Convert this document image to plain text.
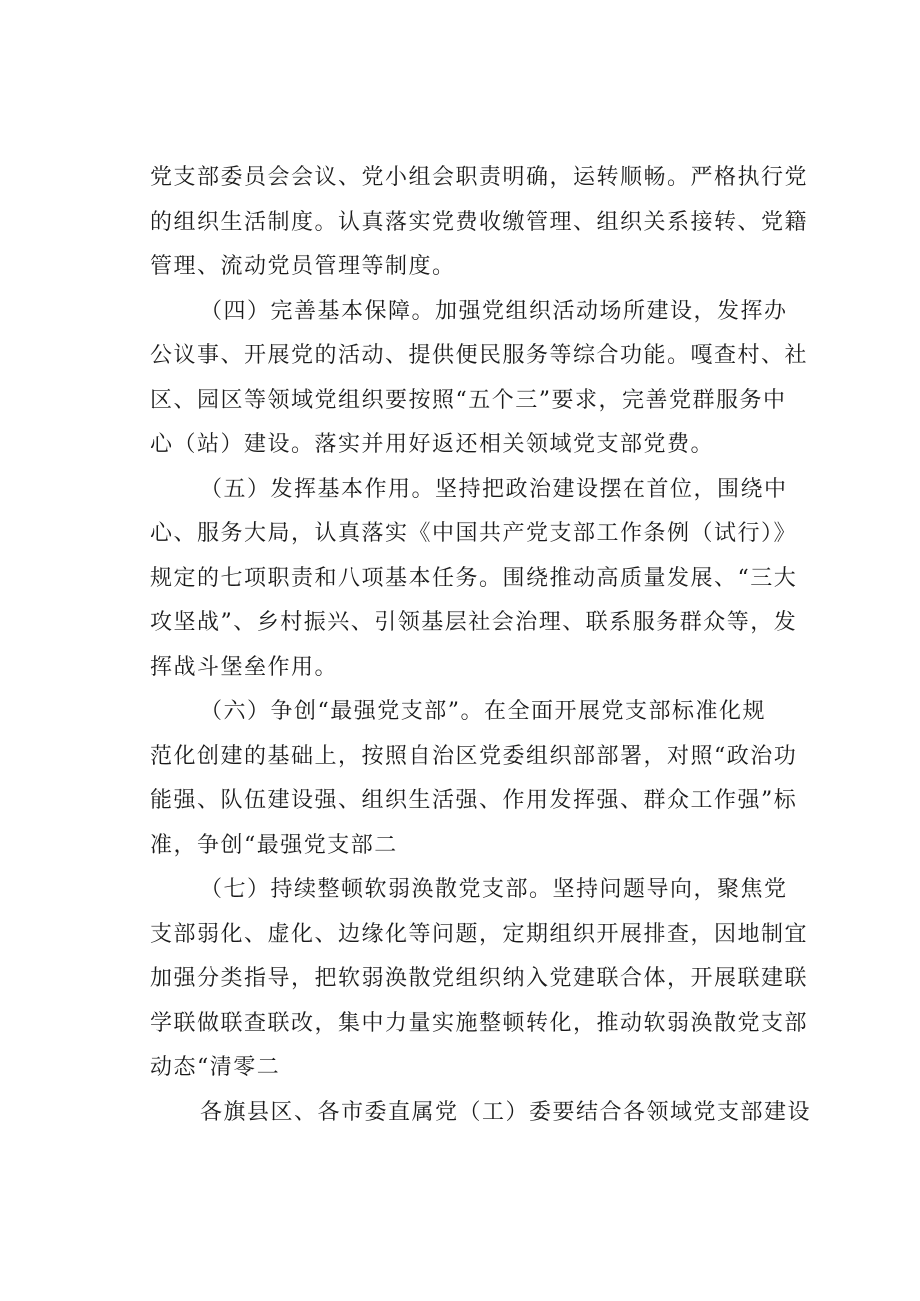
党支部委员会会议、党小组会职责明确，运转顺畅。严格执行党
的组织生活制度。认真落实党费收缴管理、组织关系接转、党籍
管理、流动党员管理等制度。
（四）完善基本保障。加强党组织活动场所建设，发挥办
公议事、开展党的活动、提供便民服务等综合功能。嘎查村、社
区、园区等领域党组织要按照“五个三”要求，完善党群服务中
心（站）建设。落实并用好返还相关领域党支部党费。
（五）发挥基本作用。坚持把政治建设摆在首位，围绕中
心、服务大局，认真落实《中国共产党支部工作条例（试行）》
规定的七项职责和八项基本任务。围绕推动高质量发展、“三大
攻坚战”、乡村振兴、引领基层社会治理、联系服务群众等，发
挥战斗堡垒作用。
（六）争创“最强党支部”。在全面开展党支部标准化规
范化创建的基础上，按照自治区党委组织部部署，对照“政治功
能强、队伍建设强、组织生活强、作用发挥强、群众工作强”标
准，争创“最强党支部二
（七）持续整顿软弱涣散党支部。坚持问题导向，聚焦党
支部弱化、虚化、边缘化等问题，定期组织开展排查，因地制宜
加强分类指导，把软弱涣散党组织纳入党建联合体，开展联建联
学联做联查联改，集中力量实施整顿转化，推动软弱涣散党支部
动态“清零二
各旗县区、各市委直属党（工）委要结合各领域党支部建设
